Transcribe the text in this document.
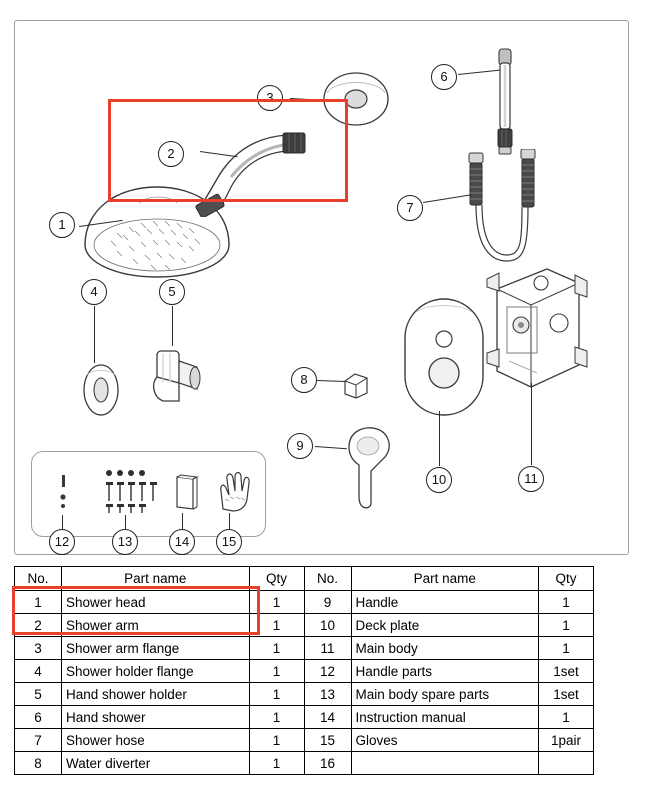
1
2
3
4	5
6
7
8
9
10	11
12	13	14	15
No.	Part name	Qty	No.	Part name	Qty
1	Shower head	1	9	Handle	1
2	Shower arm	1	10	Deck plate	1
3	Shower arm flange	1	11	Main body	1
4	Shower holder flange	1	12	Handle parts	1set
5	Hand shower holder	1	13	Main body spare parts	1set
6	Hand shower	1	14	Instruction manual	1
7	Shower hose	1	15	Gloves	1pair
8	Water diverter	1	16		
